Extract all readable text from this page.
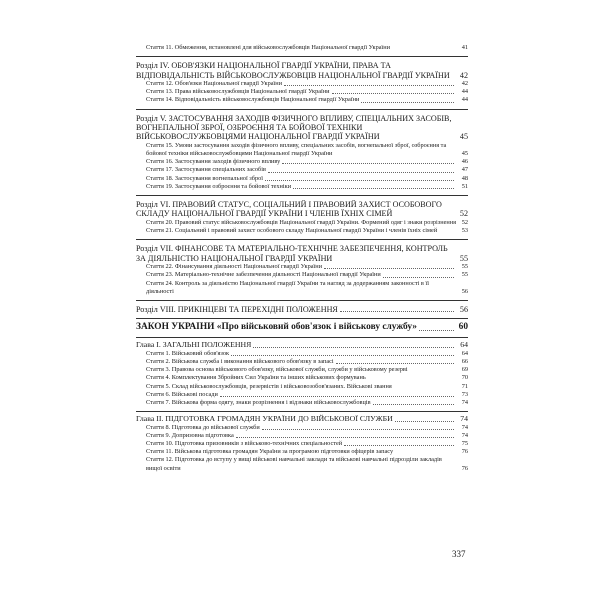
Стаття 11. Обмеження, встановлені для військовослужбовців Національної гвардії України	41
Розділ IV. ОБОВ'ЯЗКИ НАЦІОНАЛЬНОЇ ГВАРДІЇ УКРАЇНИ, ПРАВА ТА ВІДПОВІДАЛЬНІСТЬ ВІЙСЬКОВОСЛУЖБОВЦІВ НАЦІОНАЛЬНОЇ ГВАРДІЇ УКРАЇНИ	42
Стаття 12. Обов'язки Національної гвардії України	42
Стаття 13. Права військовослужбовців Національної гвардії України	44
Стаття 14. Відповідальність військовослужбовців Національної гвардії України	44
Розділ V. ЗАСТОСУВАННЯ ЗАХОДІВ ФІЗИЧНОГО ВПЛИВУ, СПЕЦІАЛЬНИХ ЗАСОБІВ, ВОГНЕПАЛЬНОЇ ЗБРОЇ, ОЗБРОЄННЯ ТА БОЙОВОЇ ТЕХНІКИ ВІЙСЬКОВОСЛУЖБОВЦЯМИ НАЦІОНАЛЬНОЇ ГВАРДІЇ УКРАЇНИ	45
Стаття 15. Умови застосування заходів фізичного впливу, спеціальних засобів, вогнепальної зброї, озброєння та бойової техніки військовослужбовцями Національної гвардії України	45
Стаття 16. Застосування заходів фізичного впливу	46
Стаття 17. Застосування спеціальних засобів	47
Стаття 18. Застосування вогнепальної зброї	48
Стаття 19. Застосування озброєння та бойової техніки	51
Розділ VI. ПРАВОВИЙ СТАТУС, СОЦІАЛЬНИЙ І ПРАВОВИЙ ЗАХИСТ ОСОБОВОГО СКЛАДУ НАЦІОНАЛЬНОЇ ГВАРДІЇ УКРАЇНИ І ЧЛЕНІВ ЇХНІХ СІМЕЙ	52
Стаття 20. Правовий статус військовослужбовців Національної гвардії України. Формений одяг і знаки розрізнення 52
Стаття 21. Соціальний і правовий захист особового складу Національної гвардії України і членів їхніх сімей	53
Розділ VII. ФІНАНСОВЕ ТА МАТЕРІАЛЬНО-ТЕХНІЧНЕ ЗАБЕЗПЕЧЕННЯ, КОНТРОЛЬ ЗА ДІЯЛЬНІСТЮ НАЦІОНАЛЬНОЇ ГВАРДІЇ УКРАЇНИ	55
Стаття 22. Фінансування діяльності Національної гвардії України	55
Стаття 23. Матеріально-технічне забезпечення діяльності Національної гвардії України	55
Стаття 24. Контроль за діяльністю Національної гвардії України та нагляд за додержанням законності в її діяльності	56
Розділ VIII. ПРИКІНЦЕВІ ТА ПЕРЕХІДНІ ПОЛОЖЕННЯ	56
ЗАКОН УКРАЇНИ «Про військовий обов'язок і військову службу»	60
Глава I. ЗАГАЛЬНІ ПОЛОЖЕННЯ	64
Стаття 1. Військовий обов'язок	64
Стаття 2. Військова служба і виконання військового обов'язку в запасі	66
Стаття 3. Правова основа військового обов'язку, військової служби, служби у військовому резерві	69
Стаття 4. Комплектування Збройних Сил України та інших військових формувань	70
Стаття 5. Склад військовослужбовців, резервістів і військовозобов'язаних. Військові звання	71
Стаття 6. Військові посади	73
Стаття 7. Військова форма одягу, знаки розрізнення і відзнаки військовослужбовців	74
Глава II. ПІДГОТОВКА ГРОМАДЯН УКРАЇНИ ДО ВІЙСЬКОВОЇ СЛУЖБИ	74
Стаття 8. Підготовка до військової служби	74
Стаття 9. Допризовна підготовка	74
Стаття 10. Підготовка призовників з військово-технічних спеціальностей	75
Стаття 11. Військова підготовка громадян України за програмою підготовки офіцерів запасу	76
Стаття 12. Підготовка до вступу у вищі військові навчальні заклади та військові навчальні підрозділи закладів вищої освіти	76
337
